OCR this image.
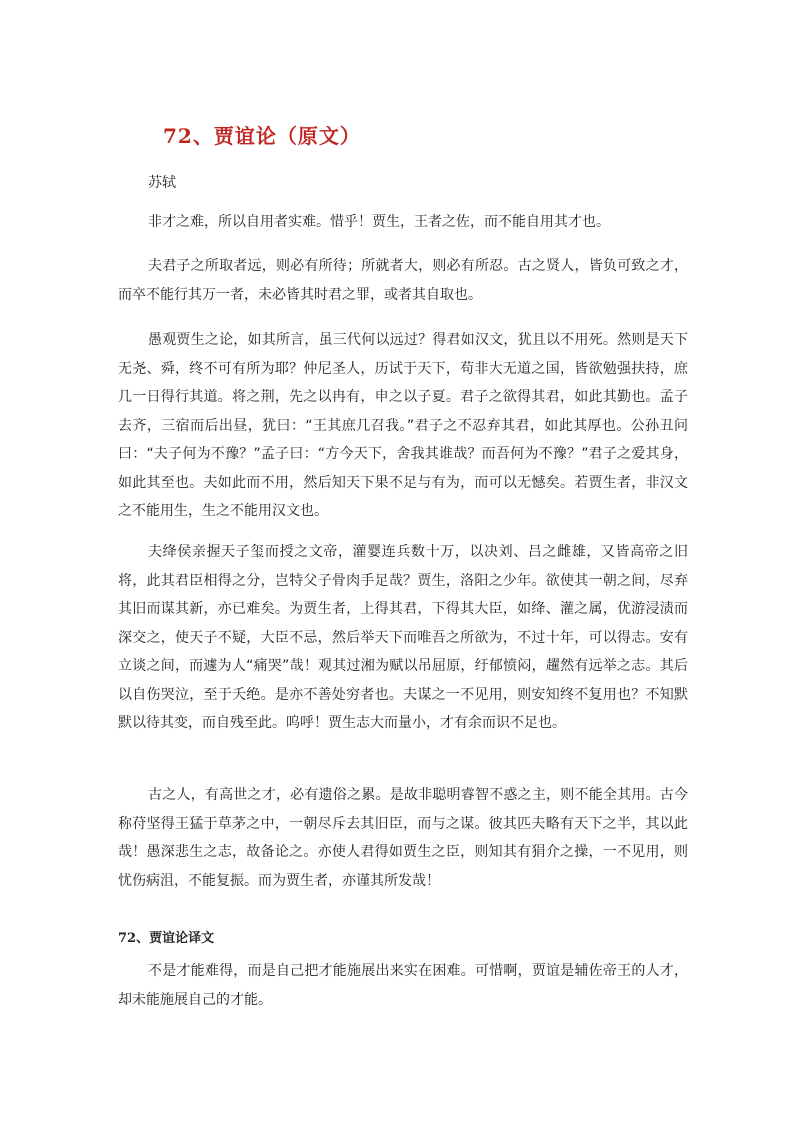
72、贾谊论（原文）
苏轼

非才之难，所以自用者实难。惜乎！贾生，王者之佐，而不能自用其才也。

夫君子之所取者远，则必有所待；所就者大，则必有所忍。古之贤人，皆负可致之才，而卒不能行其万一者，未必皆其时君之罪，或者其自取也。

愚观贾生之论，如其所言，虽三代何以远过？得君如汉文，犹且以不用死。然则是天下无尧、舜，终不可有所为耶？仲尼圣人，历试于天下，苟非大无道之国，皆欲勉强扶持，庶几一日得行其道。将之荆，先之以冉有，申之以子夏。君子之欲得其君，如此其勤也。孟子去齐，三宿而后出昼，犹曰：“王其庶几召我。”君子之不忍弃其君，如此其厚也。公孙丑问曰：“夫子何为不豫？”孟子曰：“方今天下，舍我其谁哉？而吾何为不豫？”君子之爱其身，如此其至也。夫如此而不用，然后知天下果不足与有为，而可以无憾矣。若贾生者，非汉文之不能用生，生之不能用汉文也。

夫绛侯亲握天子玺而授之文帝，灌婴连兵数十万，以决刘、吕之雌雄，又皆高帝之旧将，此其君臣相得之分，岂特父子骨肉手足哉？贾生，洛阳之少年。欲使其一朝之间，尽弃其旧而谋其新，亦已难矣。为贾生者，上得其君，下得其大臣，如绛、灌之属，优游浸渍而深交之，使天子不疑，大臣不忌，然后举天下而唯吾之所欲为，不过十年，可以得志。安有立谈之间，而遽为人“痛哭”哉！观其过湘为赋以吊屈原，纡郁愤闷，趯然有远举之志。其后以自伤哭泣，至于夭绝。是亦不善处穷者也。夫谋之一不见用，则安知终不复用也？不知默默以待其变，而自残至此。呜呼！贾生志大而量小，才有余而识不足也。

古之人，有高世之才，必有遗俗之累。是故非聪明睿智不惑之主，则不能全其用。古今称苻坚得王猛于草茅之中，一朝尽斥去其旧臣，而与之谋。彼其匹夫略有天下之半，其以此哉！愚深悲生之志，故备论之。亦使人君得如贾生之臣，则知其有狷介之操，一不见用，则忧伤病沮，不能复振。而为贾生者，亦谨其所发哉！

72、贾谊论译文

不是才能难得，而是自己把才能施展出来实在困难。可惜啊，贾谊是辅佐帝王的人才，却未能施展自己的才能。
